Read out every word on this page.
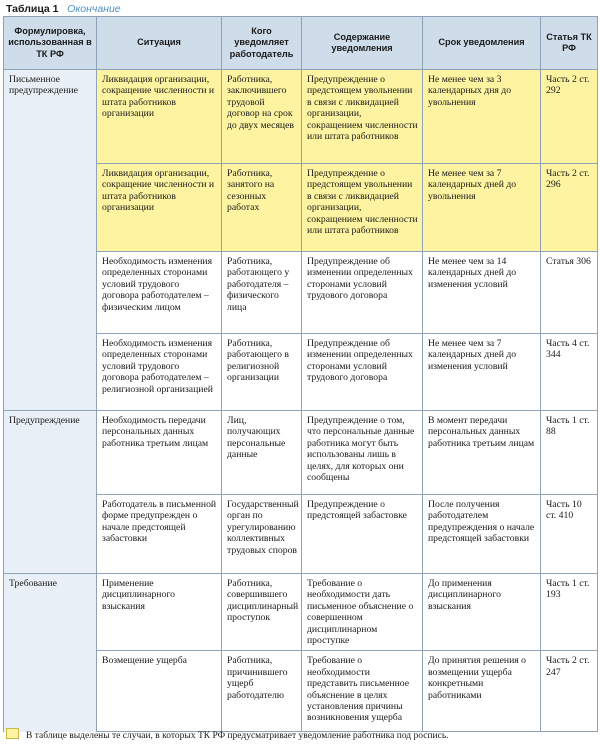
Таблица 1 Окончание
Формулировка, использованная в ТК РФ	Ситуация	Кого уведомляет работодатель	Содержание уведомления	Срок уведомления	Статья ТК РФ
Письменное предупреждение	Ликвидация организации, сокращение численности и штата работников организации	Работника, заключившего трудовой договор на срок до двух месяцев	Предупреждение о предстоящем увольнении в связи с ликвидацией организации, сокращением численности или штата работников	Не менее чем за 3 календарных дня до увольнения	Часть 2 ст. 292
	Ликвидация организации, сокращение численности и штата работников организации	Работника, занятого на сезонных работах	Предупреждение о предстоящем увольнении в связи с ликвидацией организации, сокращением численности или штата работников	Не менее чем за 7 календарных дней до увольнения	Часть 2 ст. 296
	Необходимость изменения определенных сторонами условий трудового договора работодателем – физическим лицом	Работника, работающего у работодателя – физического лица	Предупреждение об изменении определенных сторонами условий трудового договора	Не менее чем за 14 календарных дней до изменения условий	Статья 306
	Необходимость изменения определенных сторонами условий трудового договора работодателем – религиозной организацией	Работника, работающего в религиозной организации	Предупреждение об изменении определенных сторонами условий трудового договора	Не менее чем за 7 календарных дней до изменения условий	Часть 4 ст. 344
Предупреждение	Необходимость передачи персональных данных работника третьим лицам	Лиц, получающих персональные данные	Предупреждение о том, что персональные данные работника могут быть использованы лишь в целях, для которых они сообщены	В момент передачи персональных данных работника третьим лицам	Часть 1 ст. 88
	Работодатель в письменной форме предупрежден о начале предстоящей забастовки	Государственный орган по урегулированию коллективных трудовых споров	Предупреждение о предстоящей забастовке	После получения работодателем предупреждения о начале предстоящей забастовки	Часть 10 ст. 410
Требование	Применение дисциплинарного взыскания	Работника, совершившего дисциплинарный проступок	Требование о необходимости дать письменное объяснение о совершенном дисциплинарном проступке	До применения дисциплинарного взыскания	Часть 1 ст. 193
	Возмещение ущерба	Работника, причинившего ущерб работодателю	Требование о необходимости представить письменное объяснение в целях установления причины возникновения ущерба	До принятия решения о возмещении ущерба конкретными работниками	Часть 2 ст. 247
В таблице выделены те случаи, в которых ТК РФ предусматривает уведомление работника под роспись.
